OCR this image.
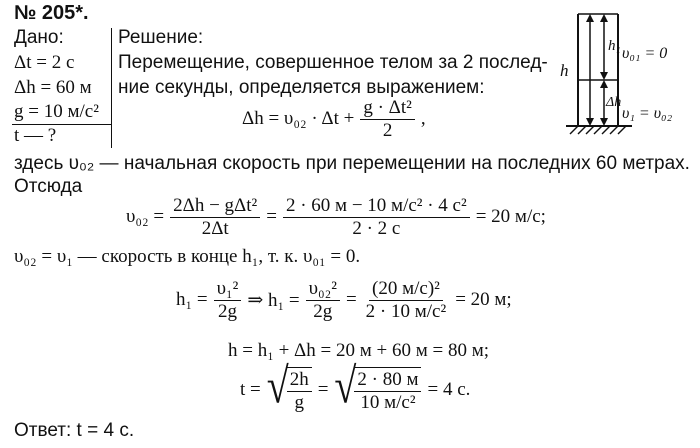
№ 205*.
Дано:
Δt = 2 с
Δh = 60 м
g = 10 м/с²
t — ?
Решение:
Перемещение, совершенное телом за 2 послед-
ние секунды, определяется выражением:
$\Delta h = \upsilon_{02} \cdot \Delta t + \frac{\text{g · Δt²}}{2}$ ,
здесь υ₀₂ — начальная скорость при перемещении на последних 60 метрах.
Отсюда
$\upsilon_{02} = \frac{\text{2Δh − gΔt²}}{2\Delta t} = \frac{\text{2 · 60 м − 10 м/с² · 4 с²}}{2 \cdot 2 с} = 20$ м/с;
υ₀₂ = υ₁ — скорость в конце h₁, т. к. υ₀₁ = 0.
$h_1 = \frac{\text{υ₁²}}{2g}$ ⇒ $h_1 = \frac{\text{υ₀₂²}}{2g} = \frac{\text{(20 м/с)²}}{\text{2 · 10 м/с²}} = 20$ м;
h = h₁ + Δh = 20 м + 60 м = 80 м;
t = √
$\frac{2h}{g}$ = √
$\frac{2 \cdot 80 м}{\text{10 м/с²}} = 4$ с.
Ответ: t = 4 с.
h
h₁
Δh
υ₀₁ = 0
υ₁ = υ₀₂
